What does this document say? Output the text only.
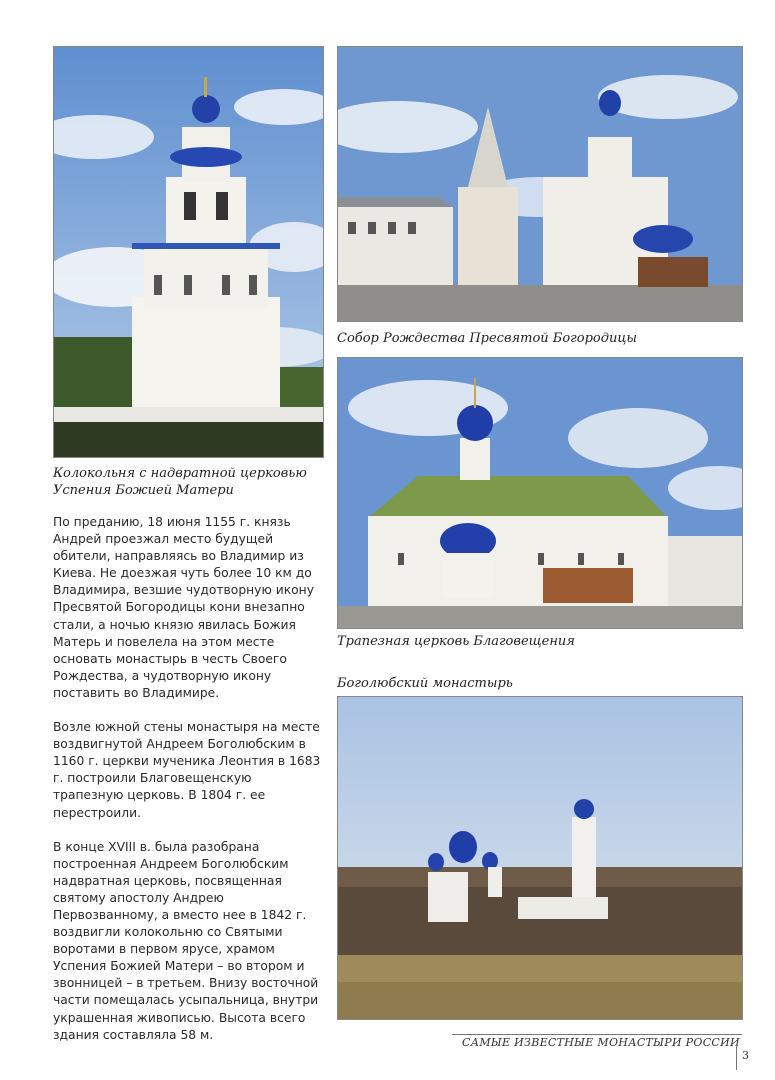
Колокольня с надвратной церковью Успения Божией Матери
Собор Рождества Пресвятой Богородицы
Трапезная церковь Благовещения
Боголюбский монастырь

По преданию, 18 июня 1155 г. князь Андрей проезжал место будущей обители, направляясь во Владимир из Киева. Не доезжая чуть более 10 км до Владимира, везшие чудотворную икону Пресвятой Богородицы кони внезапно стали, а ночью князю явилась Божия Матерь и повелела на этом месте основать монастырь в честь Своего Рождества, а чудотворную икону поставить во Владимире.

Возле южной стены монастыря на месте воздвигнутой Андреем Боголюбским в 1160 г. церкви мученика Леонтия в 1683 г. построили Благовещенскую трапезную церковь. В 1804 г. ее перестроили.

В конце XVIII в. была разобрана построенная Андреем Боголюбским надвратная церковь, посвященная святому апостолу Андрею Первозванному, а вместо нее в 1842 г. воздвигли колокольню со Святыми воротами в первом ярусе, храмом Успения Божией Матери – во втором и звонницей – в третьем. Внизу восточной части помещалась усыпальница, внутри украшенная живописью. Высота всего здания составляла 58 м.

САМЫЕ ИЗВЕСТНЫЕ МОНАСТЫРИ РОССИИ
3
